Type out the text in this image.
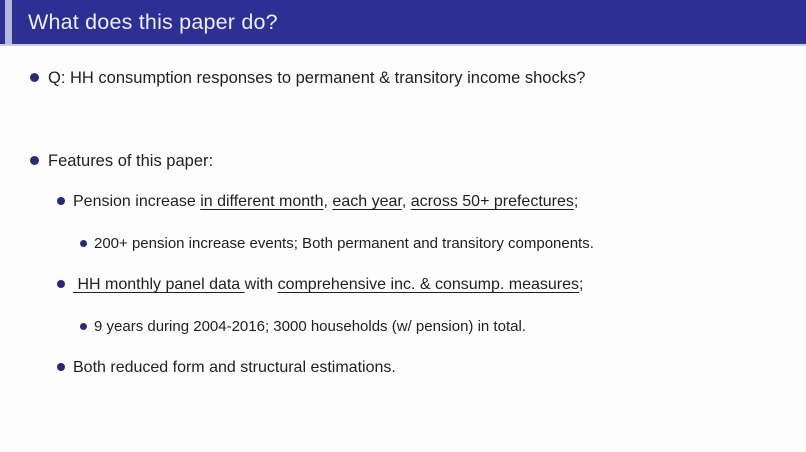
What does this paper do?
Q: HH consumption responses to permanent & transitory income shocks?
Features of this paper:
Pension increase in different month, each year, across 50+ prefectures;
200+ pension increase events; Both permanent and transitory components.
HH monthly panel data with comprehensive inc. & consump. measures;
9 years during 2004-2016; 3000 households (w/ pension) in total.
Both reduced form and structural estimations.
